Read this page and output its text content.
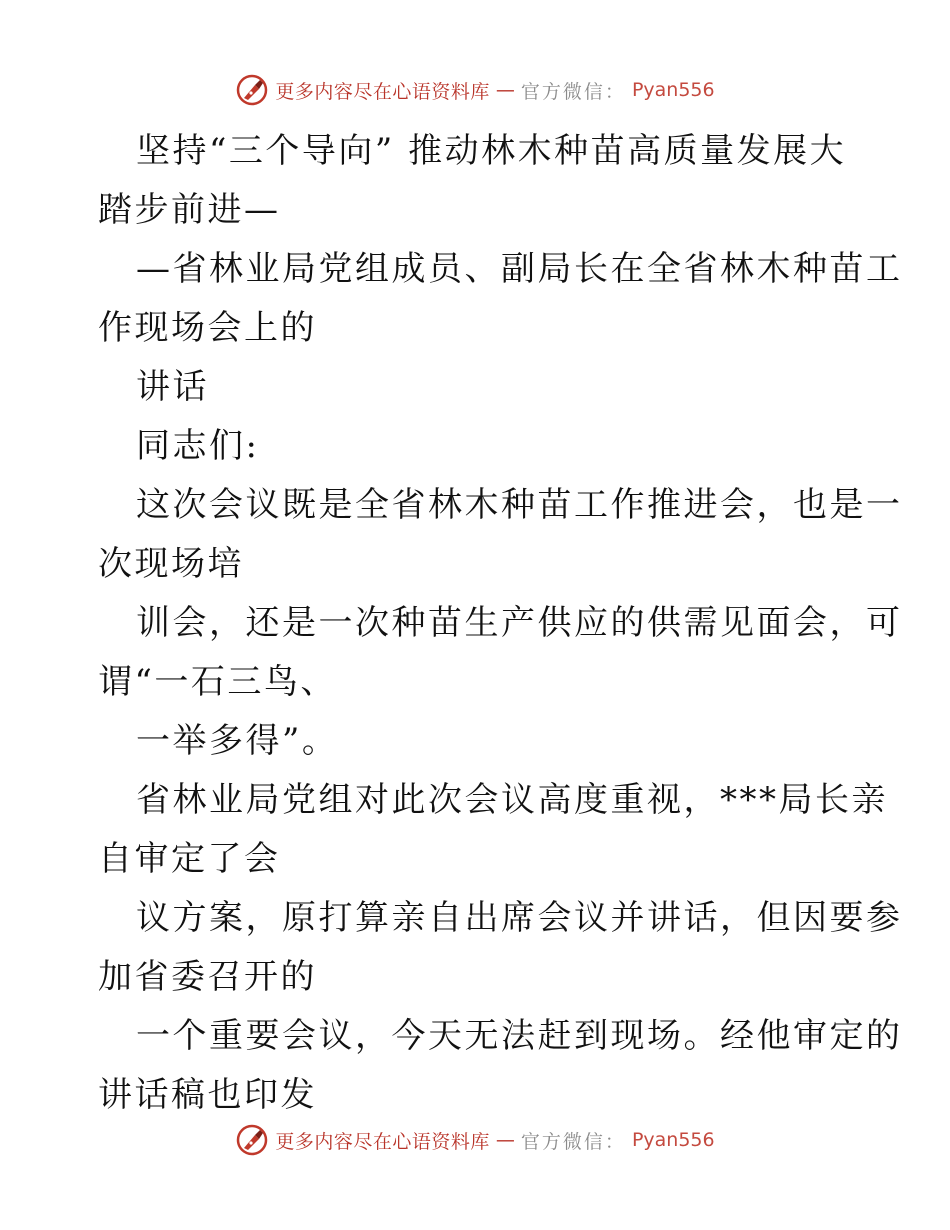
更多内容尽在心语资料库 — 官方微信： Pyan556
坚持“三个导向” 推动林木种苗高质量发展大
踏步前进—
—省林业局党组成员、副局长在全省林木种苗工
作现场会上的
讲话
同志们:
这次会议既是全省林木种苗工作推进会，也是一
次现场培
训会，还是一次种苗生产供应的供需见面会，可
谓“一石三鸟、
一举多得”。
省林业局党组对此次会议高度重视，***局长亲
自审定了会
议方案，原打算亲自出席会议并讲话，但因要参
加省委召开的
一个重要会议，今天无法赶到现场。经他审定的
讲话稿也印发
更多内容尽在心语资料库 — 官方微信： Pyan556
